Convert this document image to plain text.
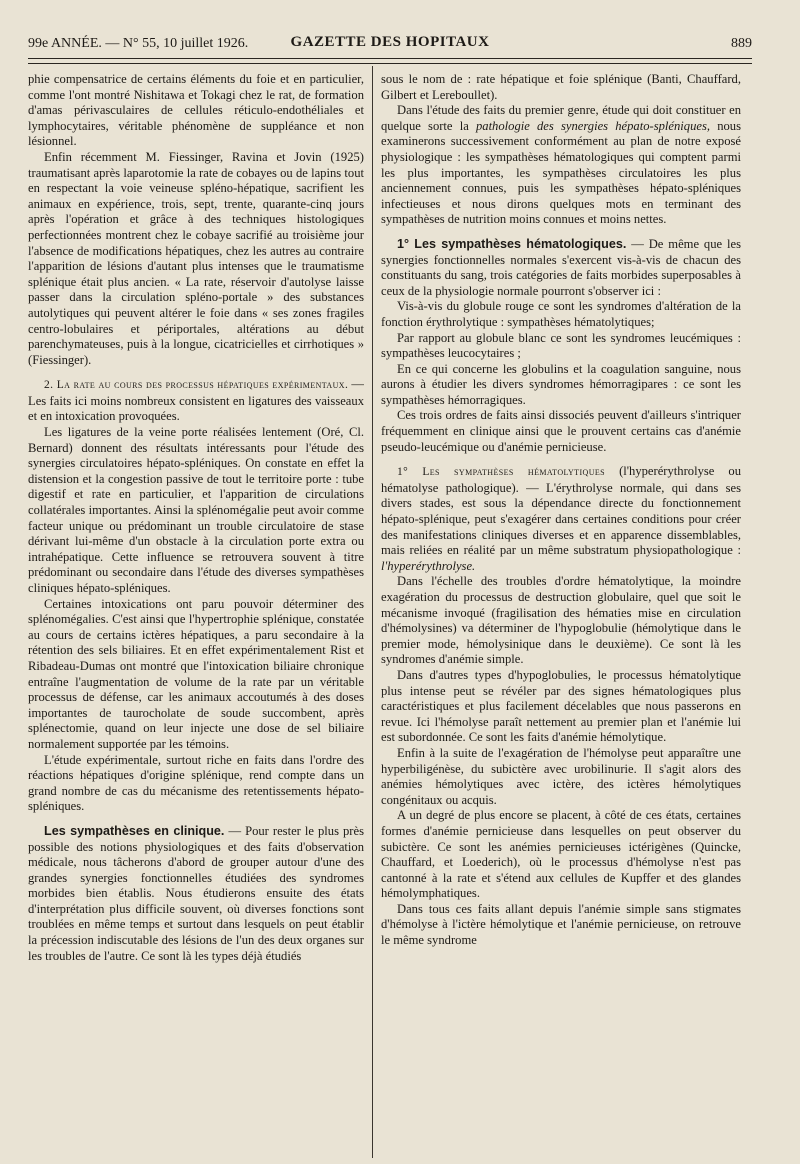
99e ANNÉE. — N° 55, 10 juillet 1926.	GAZETTE DES HOPITAUX	889

phie compensatrice de certains éléments du foie et en particulier, comme l'ont montré Nishitawa et Tokagi chez le rat, de formation d'amas périvasculaires de cellules réticulo-endothéliales et lymphocytaires, véritable phénomène de suppléance et non lésionnel.

Enfin récemment M. Fiessinger, Ravina et Jovin (1925) traumatisant après laparotomie la rate de cobayes ou de lapins tout en respectant la voie veineuse spléno-hépatique, sacrifient les animaux en expérience, trois, sept, trente, quarante-cinq jours après l'opération et grâce à des techniques histologiques perfectionnées montrent chez le cobaye sacrifié au troisième jour l'absence de modifications hépatiques, chez les autres au contraire l'apparition de lésions d'autant plus intenses que le traumatisme splénique était plus ancien. « La rate, réservoir d'autolyse laisse passer dans la circulation spléno-portale » des substances autolytiques qui peuvent altérer le foie dans « ses zones fragiles centro-lobulaires et périportales, altérations au début parenchymateuses, puis à la longue, cicatricielles et cirrhotiques » (Fiessinger).

2. La rate au cours des processus hépatiques expérimentaux. — Les faits ici moins nombreux consistent en ligatures des vaisseaux et en intoxication provoquées.

Les ligatures de la veine porte réalisées lentement (Oré, Cl. Bernard) donnent des résultats intéressants pour l'étude des synergies circulatoires hépato-spléniques. On constate en effet la distension et la congestion passive de tout le territoire porte : tube digestif et rate en particulier, et l'apparition de circulations collatérales importantes. Ainsi la splénomégalie peut avoir comme facteur unique ou prédominant un trouble circulatoire de stase dérivant lui-même d'un obstacle à la circulation porte extra ou intrahépatique. Cette influence se retrouvera souvent à titre prédominant ou secondaire dans l'étude des diverses sympathèses cliniques hépato-spléniques.

Certaines intoxications ont paru pouvoir déterminer des splénomégalies. C'est ainsi que l'hypertrophie splénique, constatée au cours de certains ictères hépatiques, a paru secondaire à la rétention des sels biliaires. Et en effet expérimentalement Rist et Ribadeau-Dumas ont montré que l'intoxication biliaire chronique entraîne l'augmentation de volume de la rate par un véritable processus de défense, car les animaux accoutumés à des doses importantes de taurocholate de soude succombent, après splénectomie, quand on leur injecte une dose de sel biliaire normalement supportée par les témoins.

L'étude expérimentale, surtout riche en faits dans l'ordre des réactions hépatiques d'origine splénique, rend compte dans un grand nombre de cas du mécanisme des retentissements hépato-spléniques.

Les sympathèses en clinique. — Pour rester le plus près possible des notions physiologiques et des faits d'observation médicale, nous tâcherons d'abord de grouper autour d'une des grandes synergies fonctionnelles étudiées des syndromes morbides bien établis. Nous étudierons ensuite des états d'interprétation plus difficile souvent, où diverses fonctions sont troublées en même temps et surtout dans lesquels on peut établir la précession indiscutable des lésions de l'un des deux organes sur les troubles de l'autre. Ce sont là les types déjà étudiés

sous le nom de : rate hépatique et foie splénique (Banti, Chauffard, Gilbert et Lereboullet).

Dans l'étude des faits du premier genre, étude qui doit constituer en quelque sorte la pathologie des synergies hépato-spléniques, nous examinerons successivement conformément au plan de notre exposé physiologique : les sympathèses hématologiques qui comptent parmi les plus importantes, les sympathèses circulatoires les plus anciennement connues, puis les sympathèses hépato-spléniques infectieuses et nous dirons quelques mots en terminant des sympathèses de nutrition moins connues et moins nettes.

1° Les sympathèses hématologiques. — De même que les synergies fonctionnelles normales s'exercent vis-à-vis de chacun des constituants du sang, trois catégories de faits morbides superposables à ceux de la physiologie normale pourront s'observer ici :

Vis-à-vis du globule rouge ce sont les syndromes d'altération de la fonction érythrolytique : sympathèses hématolytiques;

Par rapport au globule blanc ce sont les syndromes leucémiques : sympathèses leucocytaires ;

En ce qui concerne les globulins et la coagulation sanguine, nous aurons à étudier les divers syndromes hémorragipares : ce sont les sympathèses hémorragiques.

Ces trois ordres de faits ainsi dissociés peuvent d'ailleurs s'intriquer fréquemment en clinique ainsi que le prouvent certains cas d'anémie pseudo-leucémique ou d'anémie pernicieuse.

1° Les sympathèses hématolytiques (l'hyperérythrolyse ou hématolyse pathologique). — L'érythrolyse normale, qui dans ses divers stades, est sous la dépendance directe du fonctionnement hépato-splénique, peut s'exagérer dans certaines conditions pour créer des manifestations cliniques diverses et en apparence dissemblables, mais reliées en réalité par un même substratum physiopathologique : l'hyperérythrolyse.

Dans l'échelle des troubles d'ordre hématolytique, la moindre exagération du processus de destruction globulaire, quel que soit le mécanisme invoqué (fragilisation des hématies mise en circulation d'hémolysines) va déterminer de l'hypoglobulie (hémolytique dans le premier mode, hémolysinique dans le deuxième). Ce sont là les syndromes d'anémie simple.

Dans d'autres types d'hypoglobulies, le processus hématolytique plus intense peut se révéler par des signes hématologiques plus caractéristiques et plus facilement décelables que nous passerons en revue. Ici l'hémolyse paraît nettement au premier plan et l'anémie lui est subordonnée. Ce sont les faits d'anémie hémolytique.

Enfin à la suite de l'exagération de l'hémolyse peut apparaître une hyperbiligénèse, du subictère avec urobilinurie. Il s'agit alors des anémies hémolytiques avec ictère, des ictères hémolytiques congénitaux ou acquis.

A un degré de plus encore se placent, à côté de ces états, certaines formes d'anémie pernicieuse dans lesquelles on peut observer du subictère. Ce sont les anémies pernicieuses ictérigènes (Quincke, Chauffard, et Loederich), où le processus d'hémolyse n'est pas cantonné à la rate et s'étend aux cellules de Kupffer et des glandes hémolymphatiques.

Dans tous ces faits allant depuis l'anémie simple sans stigmates d'hémolyse à l'ictère hémolytique et l'anémie pernicieuse, on retrouve le même syndrome
